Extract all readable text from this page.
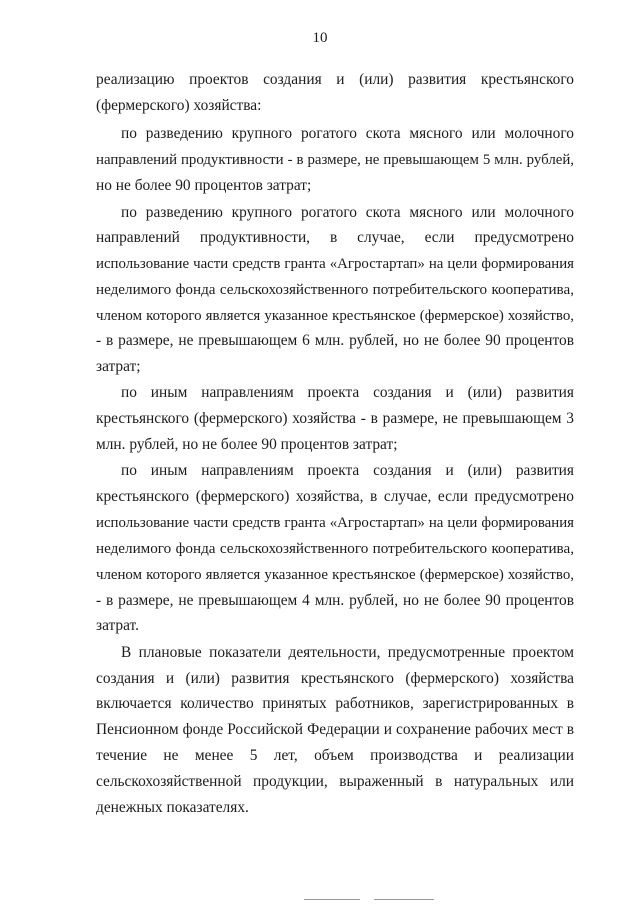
10
реализацию проектов создания и (или) развития крестьянского
(фермерского) хозяйства:
по разведению крупного рогатого скота мясного или молочного
направлений продуктивности - в размере, не превышающем 5 млн. рублей,
но не более 90 процентов затрат;
по разведению крупного рогатого скота мясного или молочного
направлений продуктивности, в случае, если предусмотрено
использование части средств гранта «Агростартап» на цели формирования
неделимого фонда сельскохозяйственного потребительского кооператива,
членом которого является указанное крестьянское (фермерское) хозяйство,
- в размере, не превышающем 6 млн. рублей, но не более 90 процентов
затрат;
по иным направлениям проекта создания и (или) развития
крестьянского (фермерского) хозяйства - в размере, не превышающем 3
млн. рублей, но не более 90 процентов затрат;
по иным направлениям проекта создания и (или) развития
крестьянского (фермерского) хозяйства, в случае, если предусмотрено
использование части средств гранта «Агростартап» на цели формирования
неделимого фонда сельскохозяйственного потребительского кооператива,
членом которого является указанное крестьянское (фермерское) хозяйство,
- в размере, не превышающем 4 млн. рублей, но не более 90 процентов
затрат.
В плановые показатели деятельности, предусмотренные проектом
создания и (или) развития крестьянского (фермерского) хозяйства
включается количество принятых работников, зарегистрированных в
Пенсионном фонде Российской Федерации и сохранение рабочих мест в
течение не менее 5 лет, объем производства и реализации
сельскохозяйственной продукции, выраженный в натуральных или
денежных показателях.
